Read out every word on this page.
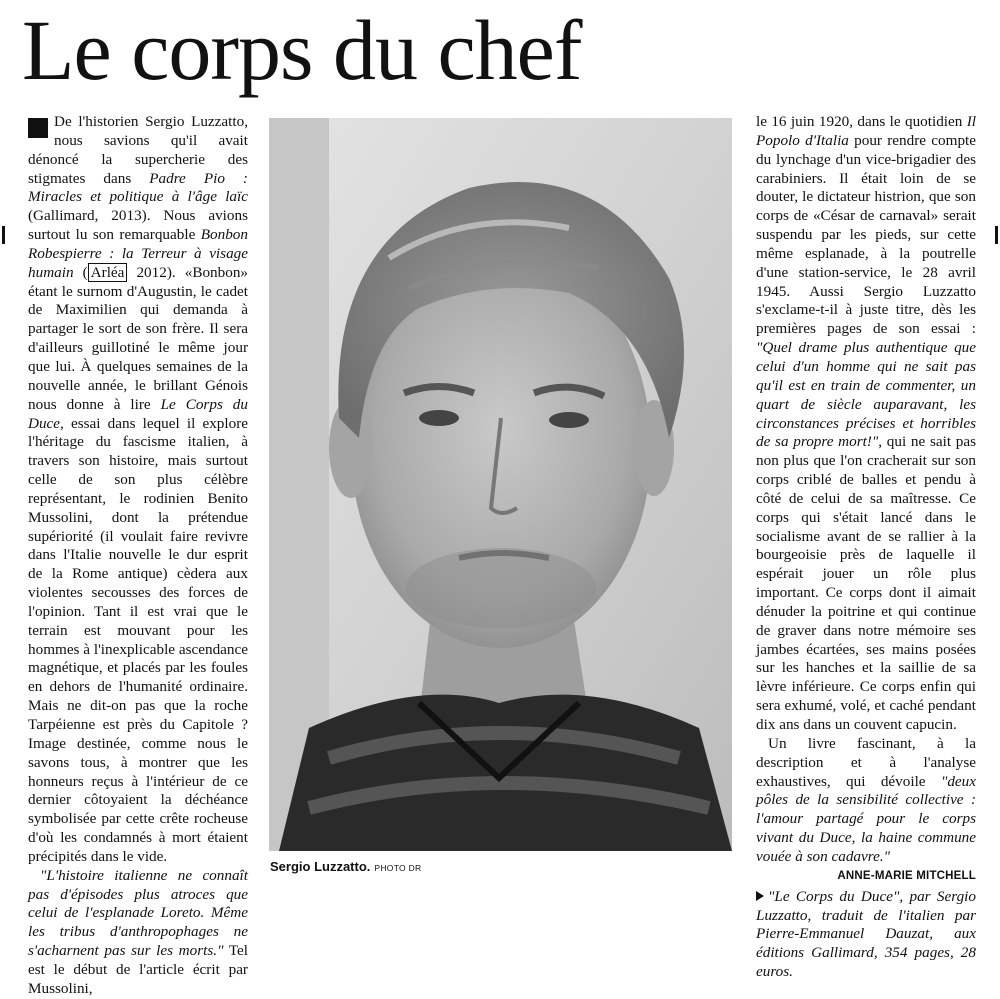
Le corps du chef

De l'historien Sergio Luzzatto, nous savions qu'il avait dénoncé la supercherie des stigmates dans Padre Pio : Miracles et politique à l'âge laïc (Gallimard, 2013). Nous avions surtout lu son remarquable Bonbon Robespierre : la Terreur à visage humain ( Arléa 2012). «Bonbon» étant le surnom d'Augustin, le cadet de Maximilien qui demanda à partager le sort de son frère. Il sera d'ailleurs guillotiné le même jour que lui. À quelques semaines de la nouvelle année, le brillant Génois nous donne à lire Le Corps du Duce, essai dans lequel il explore l'héritage du fascisme italien, à travers son histoire, mais surtout celle de son plus célèbre représentant, le rodinien Benito Mussolini, dont la prétendue supériorité (il voulait faire revivre dans l'Italie nouvelle le dur esprit de la Rome antique) cèdera aux violentes secousses des forces de l'opinion. Tant il est vrai que le terrain est mouvant pour les hommes à l'inexplicable ascendance magnétique, et placés par les foules en dehors de l'humanité ordinaire. Mais ne dit-on pas que la roche Tarpéienne est près du Capitole ? Image destinée, comme nous le savons tous, à montrer que les honneurs reçus à l'intérieur de ce dernier côtoyaient la déchéance symbolisée par cette crête rocheuse d'où les condamnés à mort étaient précipités dans le vide.

"L'histoire italienne ne connaît pas d'épisodes plus atroces que celui de l'esplanade Loreto. Même les tribus d'anthropophages ne s'acharnent pas sur les morts." Tel est le début de l'article écrit par Mussolini,

Sergio Luzzatto. PHOTO DR

le 16 juin 1920, dans le quotidien Il Popolo d'Italia pour rendre compte du lynchage d'un vice-brigadier des carabiniers. Il était loin de se douter, le dictateur histrion, que son corps de «César de carnaval» serait suspendu par les pieds, sur cette même esplanade, à la poutrelle d'une station-service, le 28 avril 1945. Aussi Sergio Luzzatto s'exclame-t-il à juste titre, dès les premières pages de son essai : "Quel drame plus authentique que celui d'un homme qui ne sait pas qu'il est en train de commenter, un quart de siècle auparavant, les circonstances précises et horribles de sa propre mort!", qui ne sait pas non plus que l'on cracherait sur son corps criblé de balles et pendu à côté de celui de sa maîtresse. Ce corps qui s'était lancé dans le socialisme avant de se rallier à la bourgeoisie près de laquelle il espérait jouer un rôle plus important. Ce corps dont il aimait dénuder la poitrine et qui continue de graver dans notre mémoire ses jambes écartées, ses mains posées sur les hanches et la saillie de sa lèvre inférieure. Ce corps enfin qui sera exhumé, volé, et caché pendant dix ans dans un couvent capucin.

Un livre fascinant, à la description et à l'analyse exhaustives, qui dévoile "deux pôles de la sensibilité collective : l'amour partagé pour le corps vivant du Duce, la haine commune vouée à son cadavre."

ANNE-MARIE MITCHELL

"Le Corps du Duce", par Sergio Luzzatto, traduit de l'italien par Pierre-Emmanuel Dauzat, aux éditions Gallimard, 354 pages, 28 euros.
